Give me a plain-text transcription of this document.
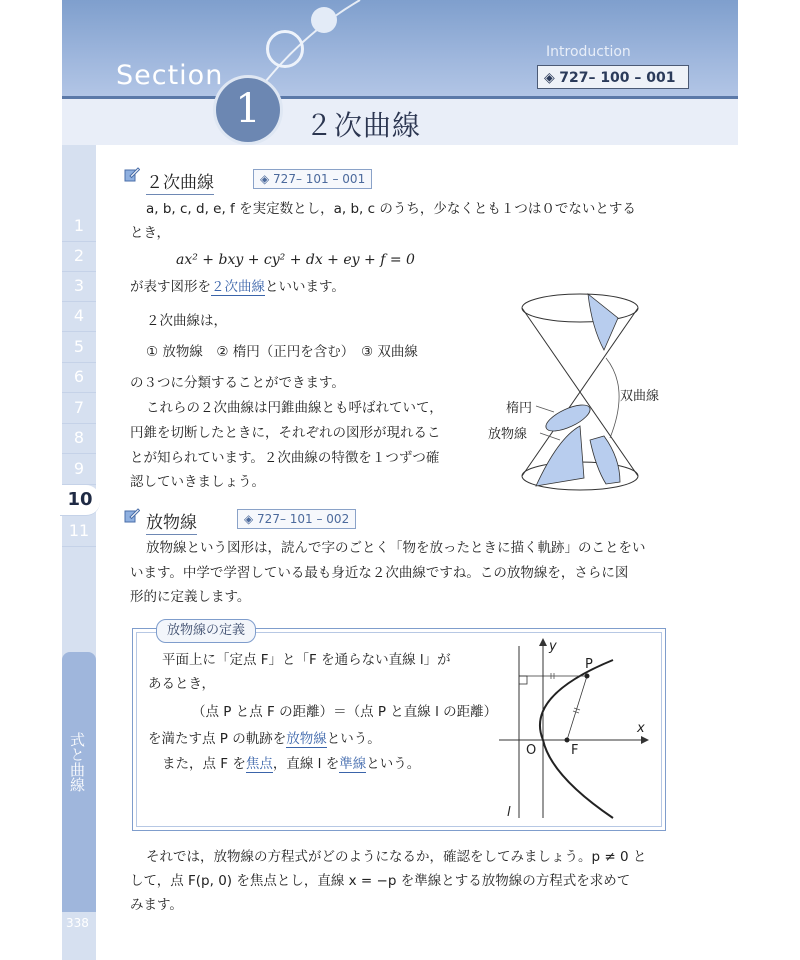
Section
Introduction
◈ 727– 100 – 001
1	２次曲線
1
2
3
4
5
6
7
8
9
10
11
式と曲線
338
２次曲線	◈ 727– 101 – 001
a, b, c, d, e, f を実定数とし，a, b, c のうち，少なくとも１つは０でないとする
とき，
ax² + bxy + cy² + dx + ey + f = 0
が表す図形を２次曲線といいます。
２次曲線は，
① 放物線　② 楕円（正円を含む）　③ 双曲線
の３つに分類することができます。
これらの２次曲線は円錐曲線とも呼ばれていて，
円錐を切断したときに，それぞれの図形が現れるこ
とが知られています。２次曲線の特徴を１つずつ確
認していきましょう。
双曲線
楕円
放物線
放物線	◈ 727– 101 – 002
放物線という図形は，読んで字のごとく「物を放ったときに描く軌跡」のことをい
います。中学で学習している最も身近な２次曲線ですね。この放物線を，さらに図
形的に定義します。
放物線の定義
平面上に「定点 F」と「F を通らない直線 l」が
あるとき，
（点 P と点 F の距離）＝（点 P と直線 l の距離）
を満たす点 P の軌跡を放物線という。
また，点 F を焦点，直線 l を準線という。
y
x
O	F
P
l
それでは，放物線の方程式がどのようになるか，確認をしてみましょう。p ≠ 0 と
して，点 F(p, 0) を焦点とし，直線 x = −p を準線とする放物線の方程式を求めて
みます。
